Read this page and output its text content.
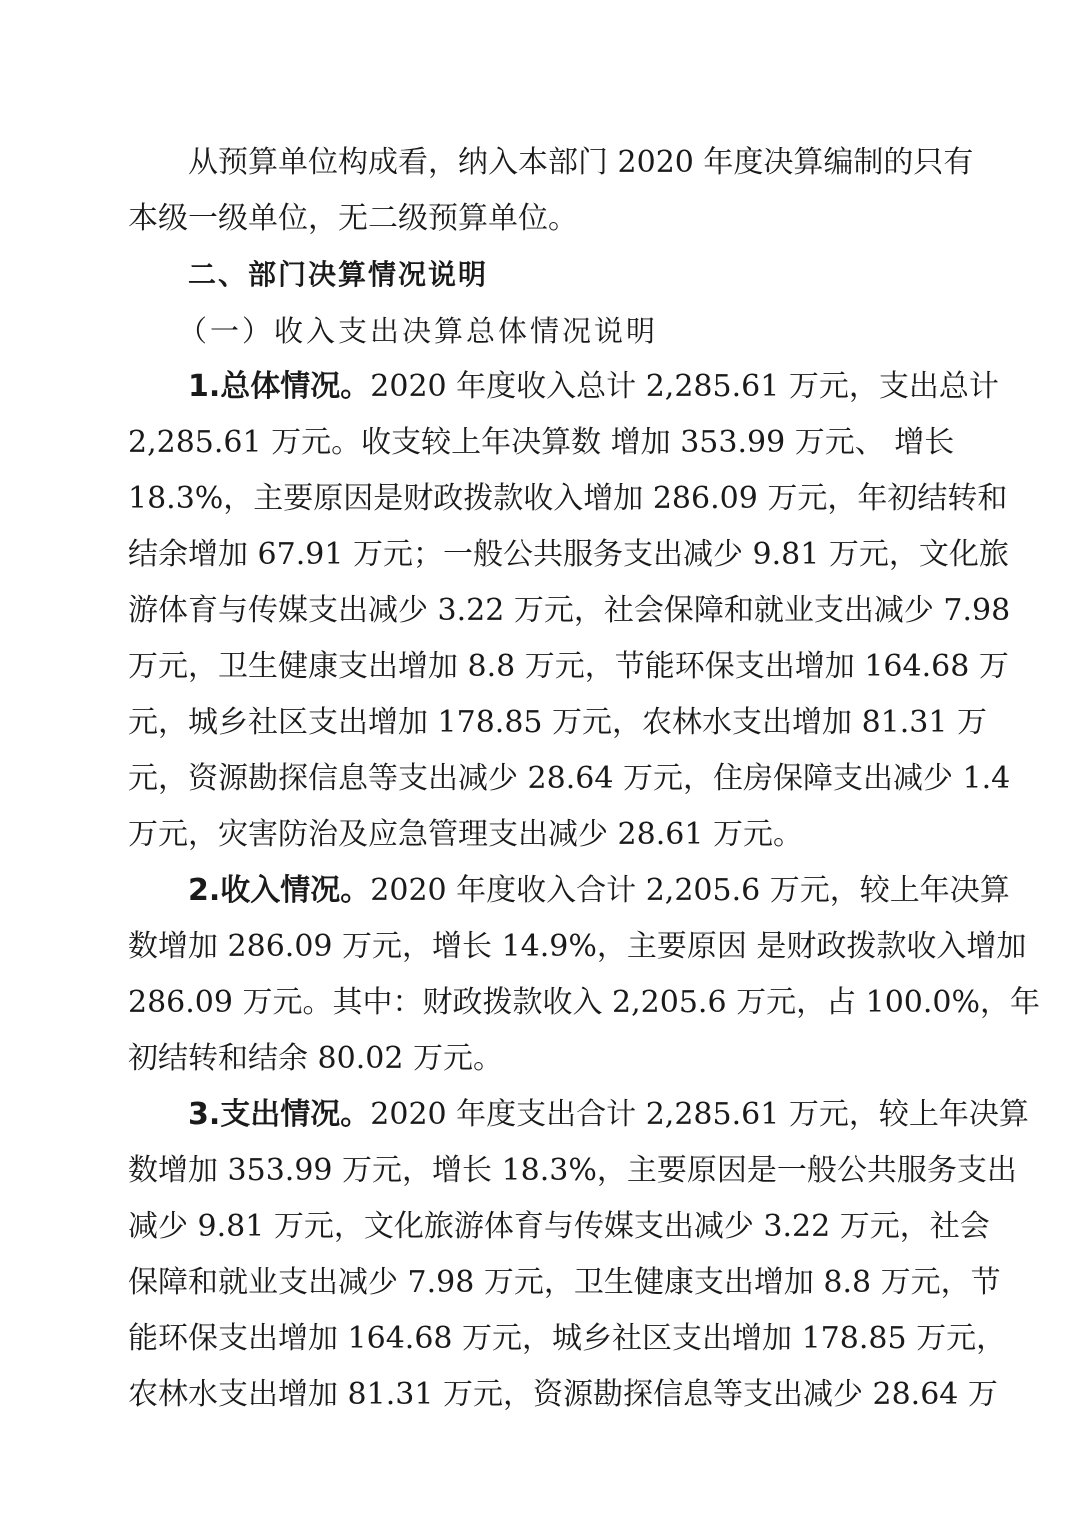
从预算单位构成看，纳入本部门 2020 年度决算编制的只有
本级一级单位，无二级预算单位。
二、部门决算情况说明
（一）收入支出决算总体情况说明
1.总体情况。2020 年度收入总计 2,285.61 万元，支出总计
2,285.61 万元。收支较上年决算数 增加 353.99 万元、 增长
18.3%，主要原因是财政拨款收入增加 286.09 万元，年初结转和
结余增加 67.91 万元；一般公共服务支出减少 9.81 万元，文化旅
游体育与传媒支出减少 3.22 万元，社会保障和就业支出减少 7.98
万元，卫生健康支出增加 8.8 万元，节能环保支出增加 164.68 万
元，城乡社区支出增加 178.85 万元，农林水支出增加 81.31 万
元，资源勘探信息等支出减少 28.64 万元，住房保障支出减少 1.4
万元，灾害防治及应急管理支出减少 28.61 万元。
2.收入情况。2020 年度收入合计 2,205.6 万元，较上年决算
数增加 286.09 万元，增长 14.9%，主要原因 是财政拨款收入增加
286.09 万元。其中：财政拨款收入 2,205.6 万元，占 100.0%，年
初结转和结余 80.02 万元。
3.支出情况。2020 年度支出合计 2,285.61 万元，较上年决算
数增加 353.99 万元，增长 18.3%，主要原因是一般公共服务支出
减少 9.81 万元，文化旅游体育与传媒支出减少 3.22 万元，社会
保障和就业支出减少 7.98 万元，卫生健康支出增加 8.8 万元，节
能环保支出增加 164.68 万元，城乡社区支出增加 178.85 万元，
农林水支出增加 81.31 万元，资源勘探信息等支出减少 28.64 万
